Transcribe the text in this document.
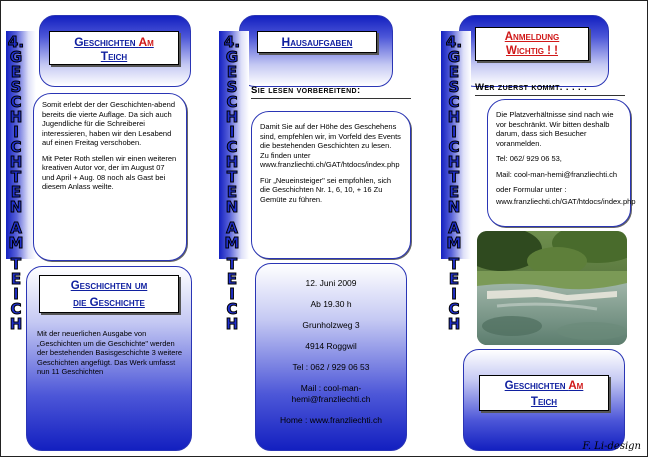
Geschichten Am
Teich
4.
G
E
S
C
H
I
C
H
T
E
N
A
M
T
E
I
C
H

Somit erlebt der der Geschichten-abend bereits die vierte Auflage. Da sich auch Jugendliche für die Schreiberei interessieren, haben wir den Lesabend auf einen Freitag verschoben.

Mit Peter Roth stellen wir einen weiteren kreativen Autor vor, der im August 07 und April + Aug. 08 noch als Gast bei diesem Anlass weilte.

Geschichten um
die Geschichte
Mit der neuerlichen Ausgabe von „Geschichten um die Geschichte" werden der bestehenden Basisgeschichte 3 weitere Geschichten angefügt. Das Werk umfasst nun 11 Geschichten
Hausaufgaben
4.
G
E
S
C
H
I
C
H
T
E
N
A
M
T
E
I
C
H
Sie lesen vorbereitend:

Damit Sie auf der Höhe des Geschehens sind, empfehlen wir, im Vorfeld des Events die bestehenden Geschichten zu lesen. Zu finden unter www.franzliechti.ch/GAT/htdocs/index.php

Für „Neueinsteiger" sei empfohlen, sich die Geschichten Nr. 1, 6, 10, + 16 Zu Gemüte zu führen.

12. Juni 2009
Ab 19.30 h
Grunholzweg 3
4914 Roggwil
Tel : 062 / 929 06 53
Mail : cool-man-hemi@franzliechti.ch
Home : www.franzliechti.ch
Anmeldung
Wichtig ! !
4.
G
E
S
C
H
I
C
H
T
E
N
A
M
T
E
I
C
H
Wer zuerst kommt. . . . .

Die Platzverhältnisse sind nach wie vor beschränkt. Wir bitten deshalb darum, dass sich Besucher voranmelden.

Tel: 062/ 929 06 53,

Mail: cool-man-hemi@franzliechti.ch

oder Formular unter :

www.franzliechti.ch/GAT/htdocs/index.php

Geschichten Am
Teich
F. Li-design
